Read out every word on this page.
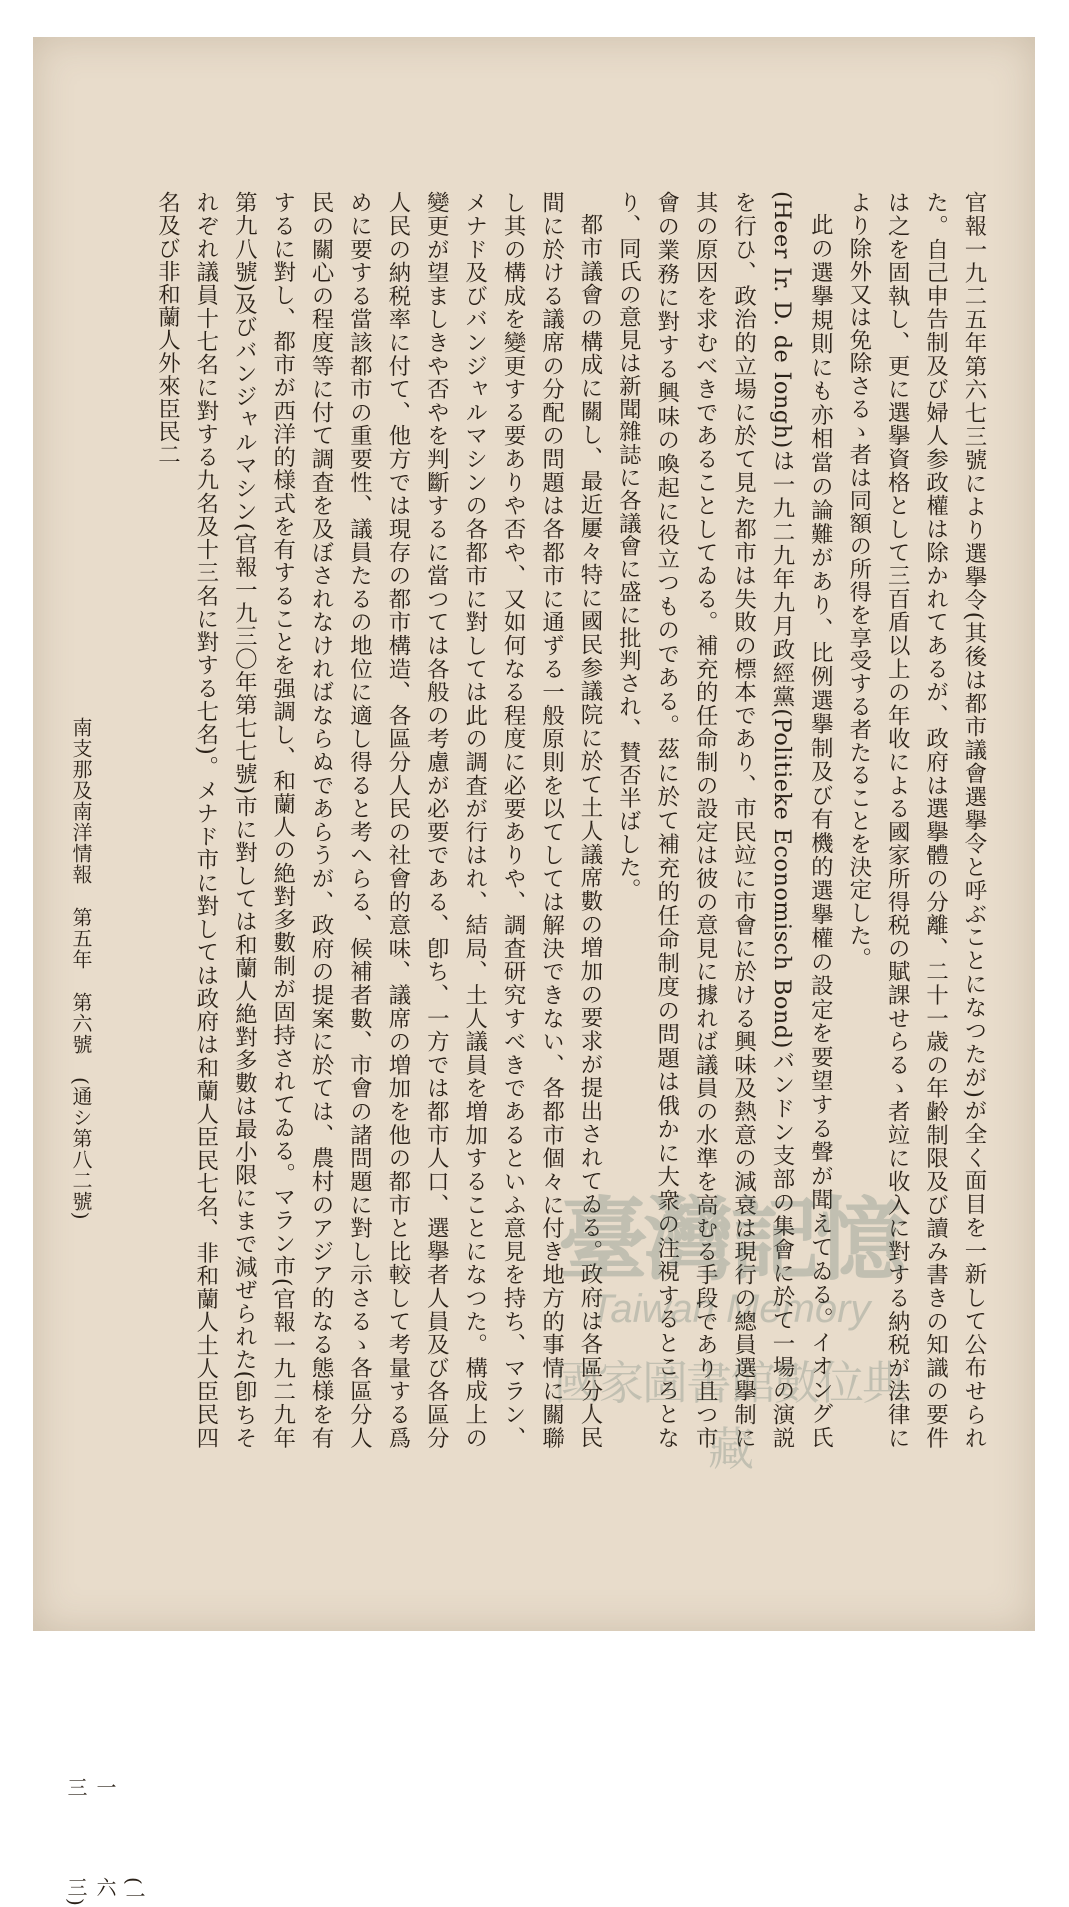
官報一九二五年第六七三號により選擧令(其後は都市議會選擧令と呼ぶことになつたが)が全く面目を一新して公布せられた。自己申告制及び婦人参政權は除かれてあるが、政府は選擧體の分離、二十一歳の年齢制限及び讀み書きの知識の要件は之を固執し、更に選擧資格として三百盾以上の年收による國家所得税の賦課せらるゝ者竝に收入に對する納税が法律により除外又は免除さるゝ者は同額の所得を享受する者たることを決定した。

此の選擧規則にも亦相當の論難があり、比例選擧制及び有機的選擧權の設定を要望する聲が聞えてゐる。イオング氏(Heer Ir. D. de Iongh)は一九二九年九月政經黨(Politieke Economisch Bond)バンドン支部の集會に於て一場の演説を行ひ、政治的立場に於て見た都市は失敗の標本であり、市民竝に市會に於ける興味及熱意の減衰は現行の總員選擧制に其の原因を求むべきであることしてゐる。補充的任命制の設定は彼の意見に據れば議員の水準を高むる手段であり且つ市會の業務に對する興味の喚起に役立つものである。茲に於て補充的任命制度の問題は俄かに大衆の注視するところとなり、同氏の意見は新聞雜誌に各議會に盛に批判され、賛否半ばした。

都市議會の構成に關し、最近屢々特に國民参議院に於て土人議席數の増加の要求が提出されてゐる。政府は各區分人民間に於ける議席の分配の問題は各都市に通ずる一般原則を以てしては解決できない、各都市個々に付き地方的事情に關聯し其の構成を變更する要ありや否や、又如何なる程度に必要ありや、調査研究すべきであるといふ意見を持ち、マラン、メナド及びバンジャルマシンの各都市に對しては此の調査が行はれ、結局、土人議員を増加することになつた。構成上の變更が望ましきや否やを判斷するに當つては各般の考慮が必要である、卽ち、一方では都市人口、選擧者人員及び各區分人民の納税率に付て、他方では現存の都市構造、各區分人民の社會的意味、議席の増加を他の都市と比較して考量する爲めに要する當該都市の重要性、議員たるの地位に適し得ると考へらる、候補者數、市會の諸問題に對し示さるゝ各區分人民の關心の程度等に付て調査を及ぼされなければならぬであらうが、政府の提案に於ては、農村のアジア的なる態様を有するに對し、都市が西洋的様式を有することを强調し、和蘭人の絶對多數制が固持されてゐる。マラン市(官報一九二九年第九八號)及びバンジャルマシン(官報一九三〇年第七七號)市に對しては和蘭人絶對多數は最小限にまで減ぜられた(卽ちそれぞれ議員十七名に對する九名及十三名に對する七名)。メナド市に對しては政府は和蘭人臣民七名、非和蘭人土人臣民四名及び非和蘭人外來臣民二

南支那及南洋情報第五年第六號(通シ第八二號)
一三
(一六三)
臺灣記憶
Taiwan Memory
國家圖書館數位典藏
